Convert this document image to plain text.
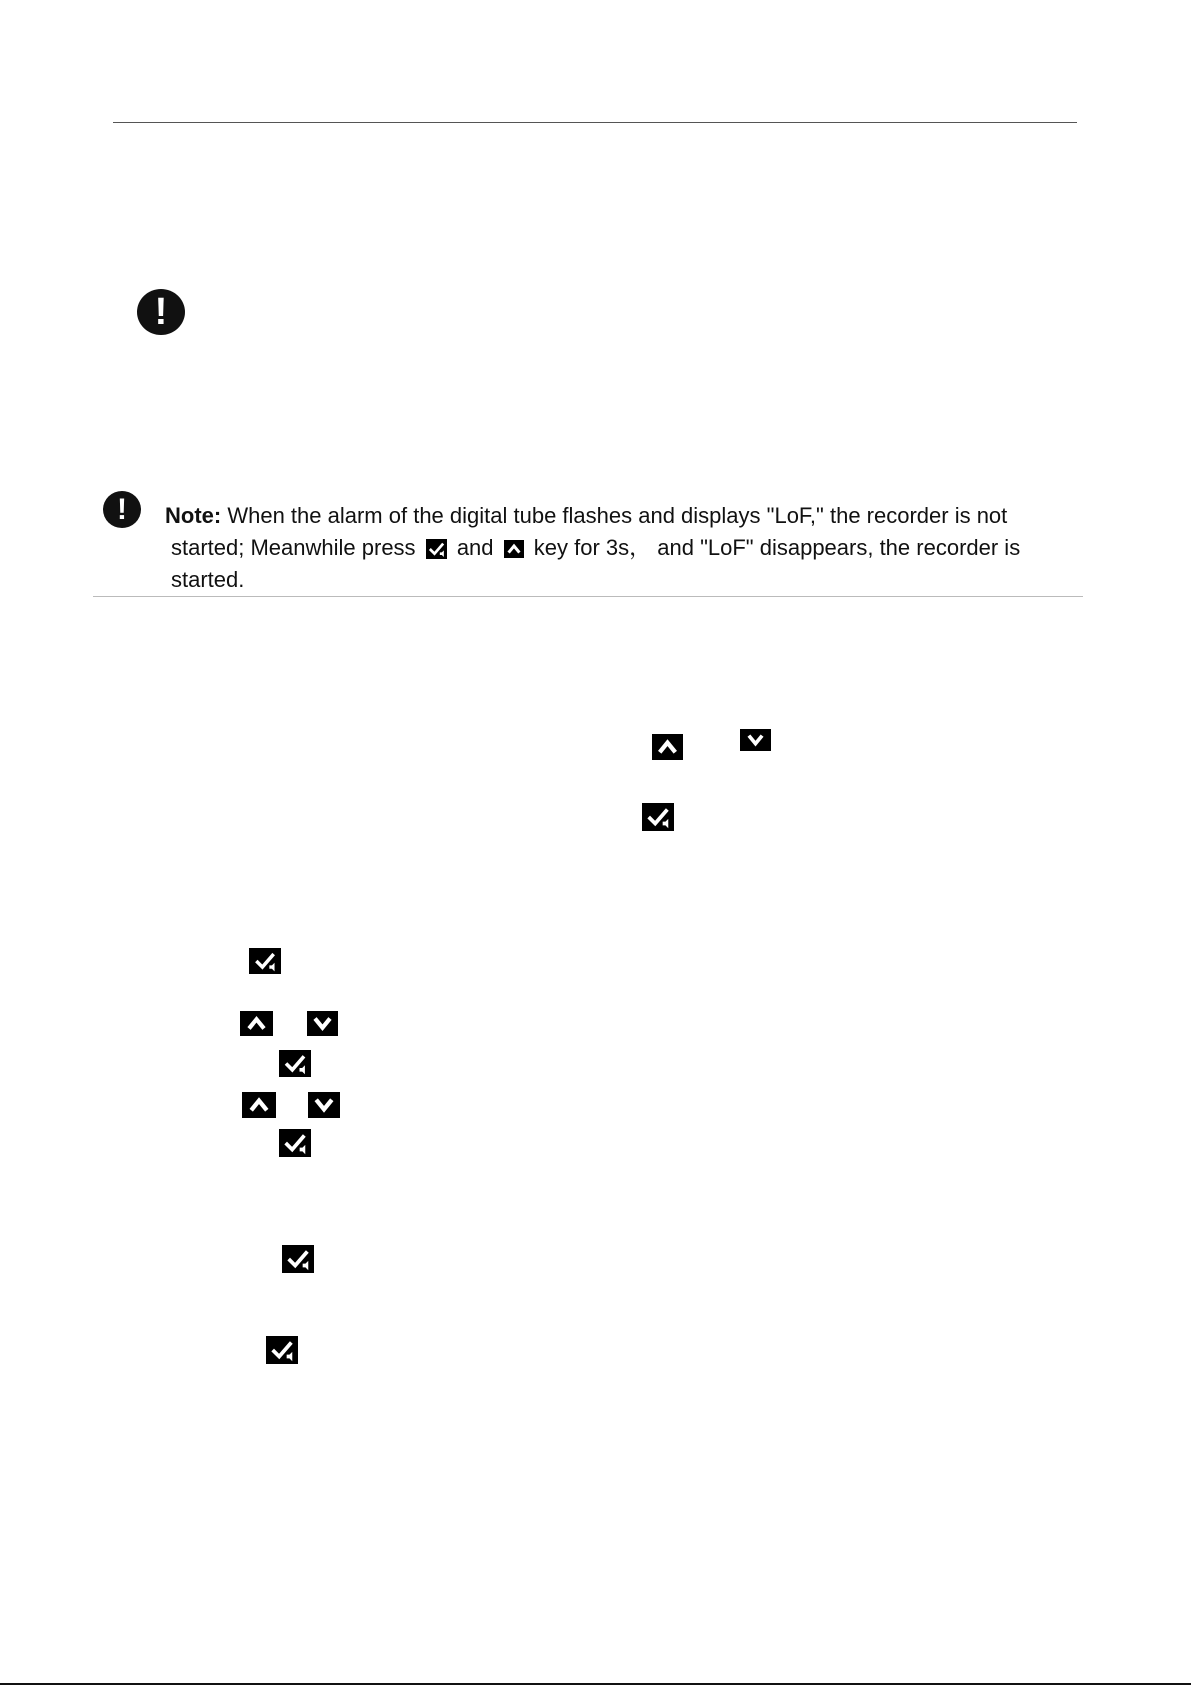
!
!	Note: When the alarm of the digital tube flashes and displays "LoF," the recorder is not
started; Meanwhile press and key for 3s， and "LoF" disappears, the recorder is
started.
